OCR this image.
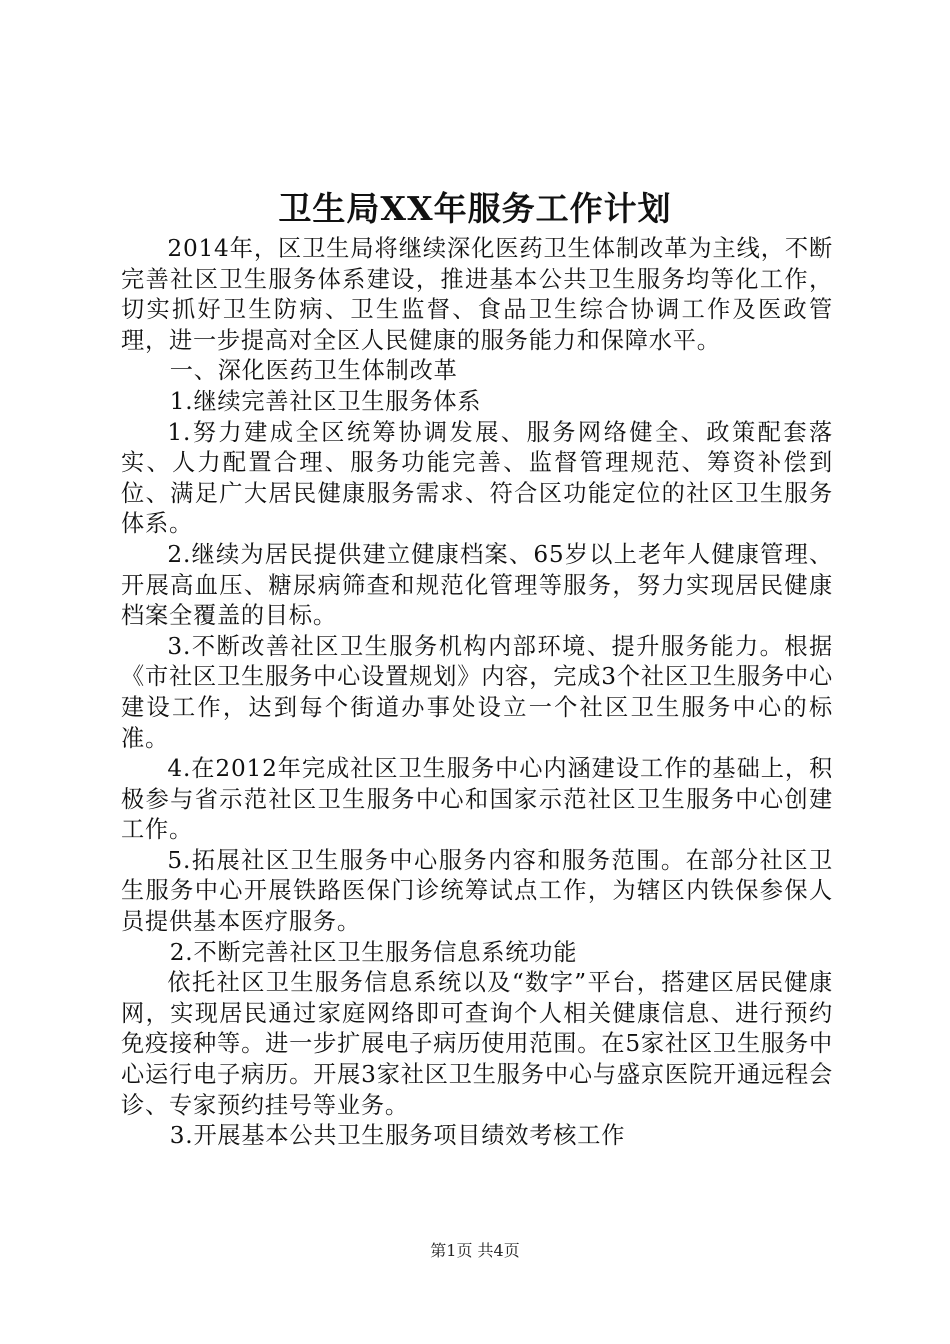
卫生局XX年服务工作计划

2014年，区卫生局将继续深化医药卫生体制改革为主线，不断完善社区卫生服务体系建设，推进基本公共卫生服务均等化工作，切实抓好卫生防病、卫生监督、食品卫生综合协调工作及医政管理，进一步提高对全区人民健康的服务能力和保障水平。

一、深化医药卫生体制改革

1.继续完善社区卫生服务体系

1.努力建成全区统筹协调发展、服务网络健全、政策配套落实、人力配置合理、服务功能完善、监督管理规范、筹资补偿到位、满足广大居民健康服务需求、符合区功能定位的社区卫生服务体系。

2.继续为居民提供建立健康档案、65岁以上老年人健康管理、开展高血压、糖尿病筛查和规范化管理等服务，努力实现居民健康档案全覆盖的目标。

3.不断改善社区卫生服务机构内部环境、提升服务能力。根据《市社区卫生服务中心设置规划》内容，完成3个社区卫生服务中心建设工作，达到每个街道办事处设立一个社区卫生服务中心的标准。

4.在2012年完成社区卫生服务中心内涵建设工作的基础上，积极参与省示范社区卫生服务中心和国家示范社区卫生服务中心创建工作。

5.拓展社区卫生服务中心服务内容和服务范围。在部分社区卫生服务中心开展铁路医保门诊统筹试点工作，为辖区内铁保参保人员提供基本医疗服务。

2.不断完善社区卫生服务信息系统功能

依托社区卫生服务信息系统以及“数字”平台，搭建区居民健康网，实现居民通过家庭网络即可查询个人相关健康信息、进行预约免疫接种等。进一步扩展电子病历使用范围。在5家社区卫生服务中心运行电子病历。开展3家社区卫生服务中心与盛京医院开通远程会诊、专家预约挂号等业务。

3.开展基本公共卫生服务项目绩效考核工作

第1页 共4页
